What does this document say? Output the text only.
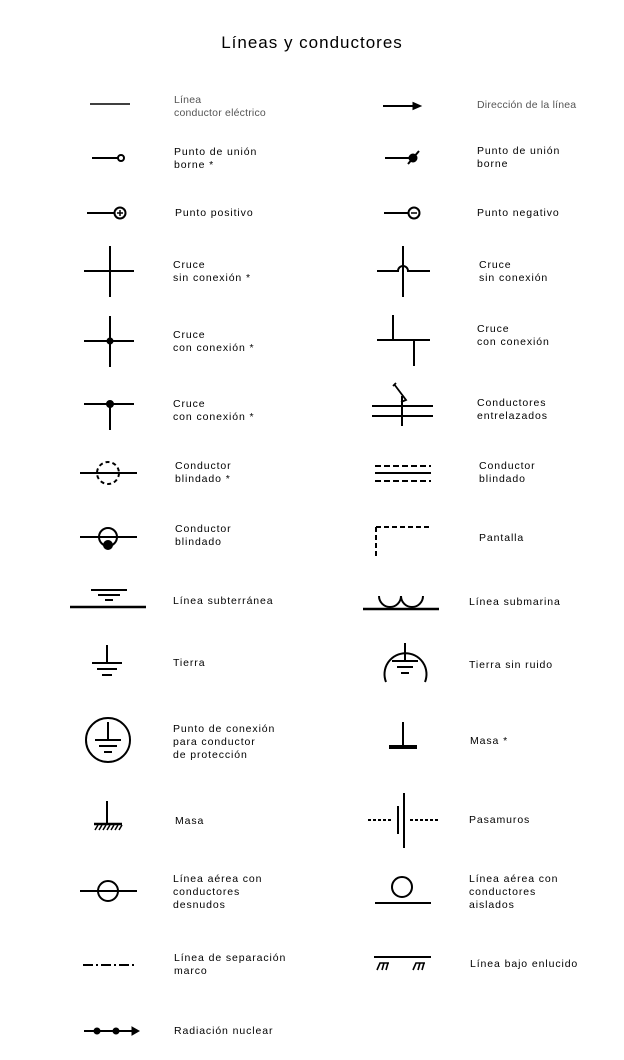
Líneas y conductores
Línea
conductor eléctrico
Punto de unión
borne *
Punto positivo
Cruce
sin conexión *
Cruce
con conexión *
Cruce
con conexión *
Conductor
blindado *
Conductor
blindado
Línea subterránea
Tierra
Punto de conexión
para conductor
de protección
Masa
Línea aérea con
conductores
desnudos
Línea de separación
marco
Radiación nuclear
Dirección de la línea
Punto de unión
borne
Punto negativo
Cruce
sin conexión
Cruce
con conexión
Conductores
entrelazados
Conductor
blindado
Pantalla
Línea submarina
Tierra sin ruido
Masa *
Pasamuros
Línea aérea con
conductores
aislados
Línea bajo enlucido
